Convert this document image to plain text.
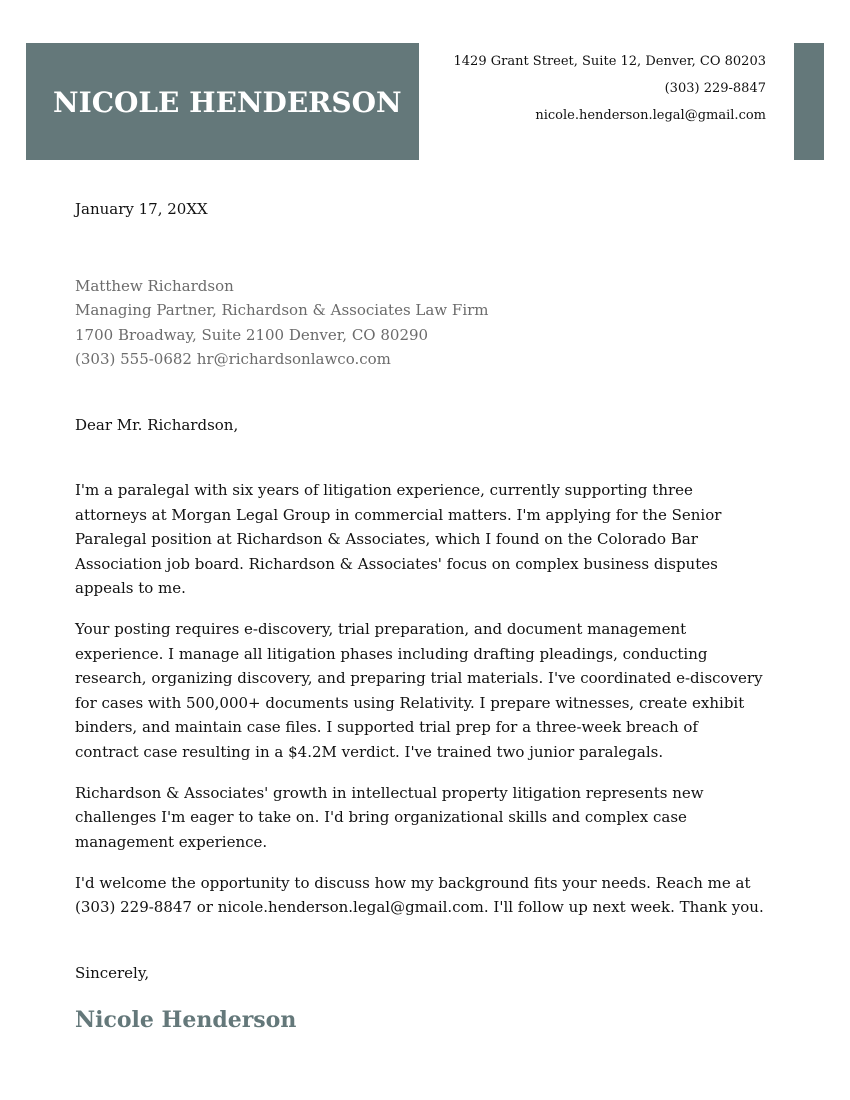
NICOLE HENDERSON
1429 Grant Street, Suite 12, Denver, CO 80203
(303) 229-8847
nicole.henderson.legal@gmail.com
January 17, 20XX
Matthew Richardson
Managing Partner, Richardson & Associates Law Firm
1700 Broadway, Suite 2100 Denver, CO 80290
(303) 555-0682 hr@richardsonlawco.com
Dear Mr. Richardson,

I'm a paralegal with six years of litigation experience, currently supporting three attorneys at Morgan Legal Group in commercial matters. I'm applying for the Senior Paralegal position at Richardson & Associates, which I found on the Colorado Bar Association job board. Richardson & Associates' focus on complex business disputes appeals to me.

Your posting requires e-discovery, trial preparation, and document management experience. I manage all litigation phases including drafting pleadings, conducting research, organizing discovery, and preparing trial materials. I've coordinated e-discovery for cases with 500,000+ documents using Relativity. I prepare witnesses, create exhibit binders, and maintain case files. I supported trial prep for a three-week breach of contract case resulting in a $4.2M verdict. I've trained two junior paralegals.

Richardson & Associates' growth in intellectual property litigation represents new challenges I'm eager to take on. I'd bring organizational skills and complex case management experience.

I'd welcome the opportunity to discuss how my background fits your needs. Reach me at (303) 229-8847 or nicole.henderson.legal@gmail.com. I'll follow up next week. Thank you.

Sincerely,
Nicole Henderson
